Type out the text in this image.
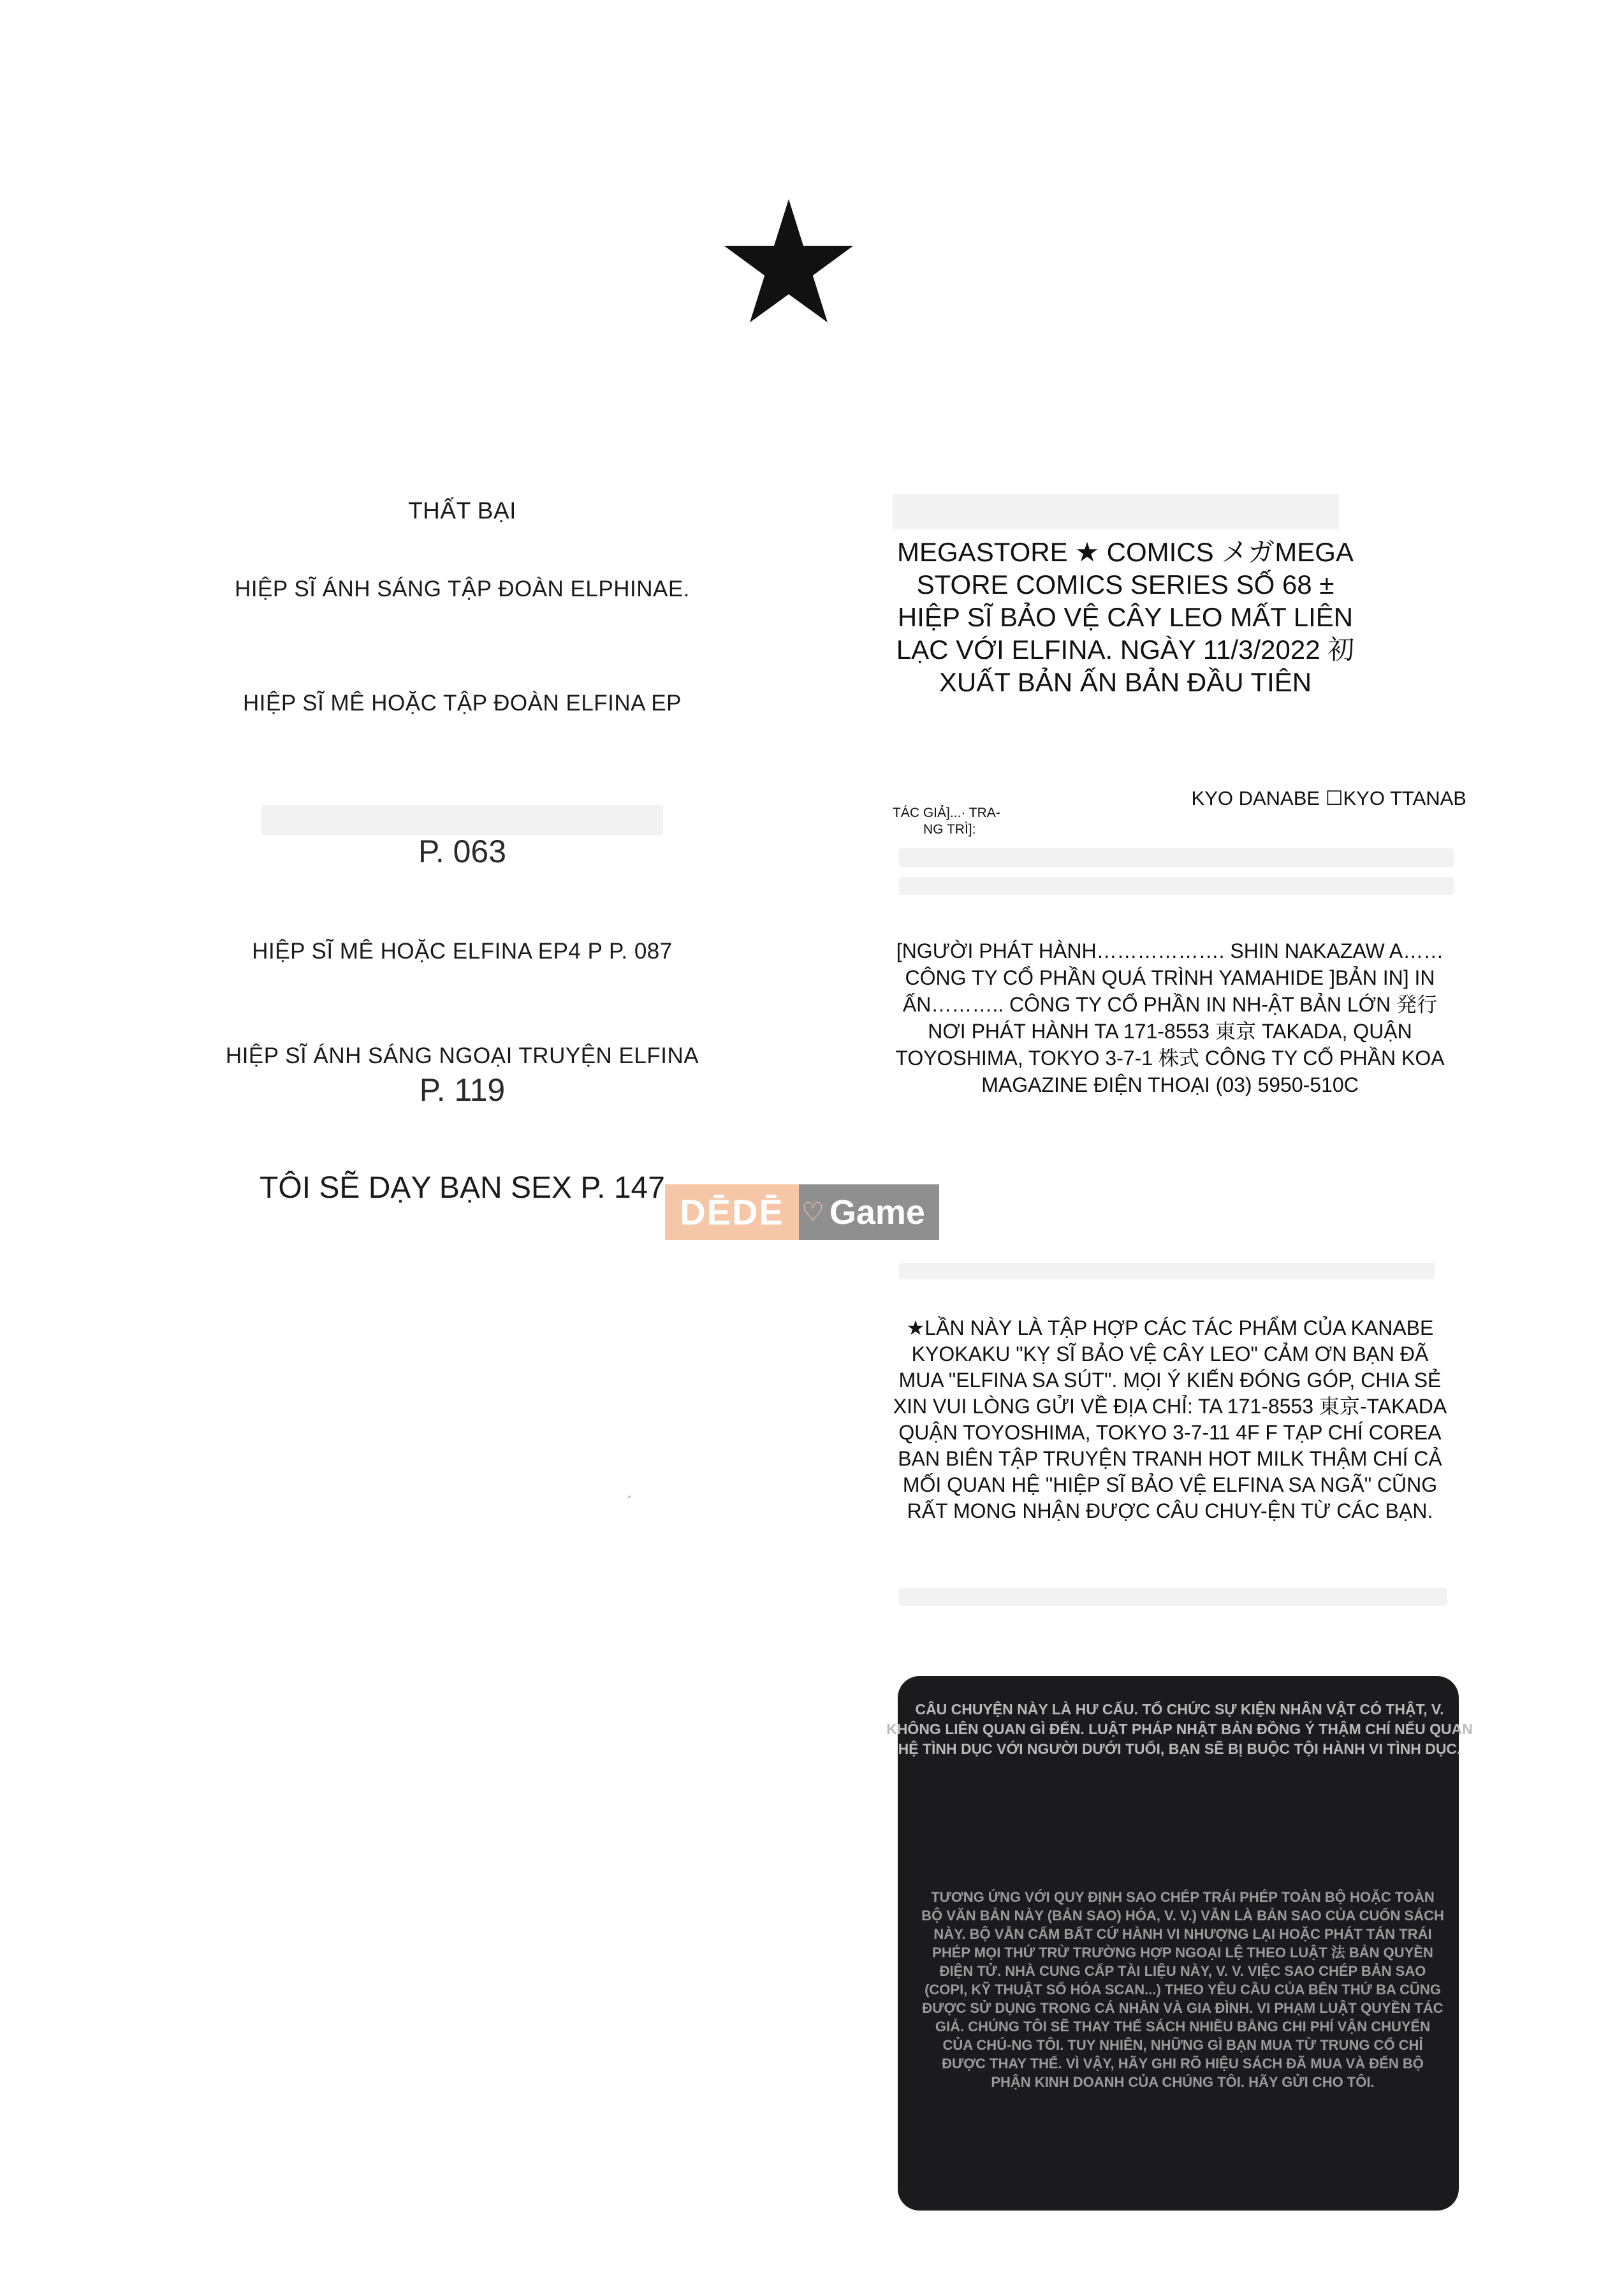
THẤT BẠI
HIỆP SĨ ÁNH SÁNG TẬP ĐOÀN ELPHINAE.
HIỆP SĨ MÊ HOẶC TẬP ĐOÀN ELFINA EP
P. 063
HIỆP SĨ MÊ HOẶC ELFINA EP4 P P. 087
HIỆP SĨ ÁNH SÁNG NGOẠI TRUYỆN ELFINA
P. 119
TÔI SẼ DẠY BẠN SEX P. 147
MEGASTORE ★ COMICS メガMEGA STORE COMICS SERIES SỐ 68 ± HIỆP SĨ BẢO VỆ CÂY LEO MẤT LIÊN LẠC VỚI ELFINA. NGÀY 11/3/2022 初 XUẤT BẢN ẤN BẢN ĐẦU TIÊN
TÁC GIẢ]...· TRA-
NG TRÌ]:
KYO DANABE ☐KYO TTANAB
[NGƯỜI PHÁT HÀNH………………. SHIN NAKAZAW A…… CÔNG TY CỔ PHẦN QUÁ TRÌNH YAMAHIDE ]BẢN IN] IN ẤN……….. CÔNG TY CỔ PHẦN IN NH-ẬT BẢN LỚN 発行 NƠI PHÁT HÀNH TA 171-8553 東京 TAKADA, QUẬN TOYOSHIMA, TOKYO 3-7-1 株式 CÔNG TY CỔ PHẦN KOA MAGAZINE ĐIỆN THOẠI (03) 5950-510C
★LẦN NÀY LÀ TẬP HỢP CÁC TÁC PHẨM CỦA KANABE KYOKAKU "KỴ SĨ BẢO VỆ CÂY LEO" CẢM ƠN BẠN ĐÃ MUA "ELFINA SA SÚT". MỌI Ý KIẾN ĐÓNG GÓP, CHIA SẺ XIN VUI LÒNG GỬI VỀ ĐỊA CHỈ: TA 171-8553 東京-TAKADA QUẬN TOYOSHIMA, TOKYO 3-7-11 4F F TẠP CHÍ COREA BAN BIÊN TẬP TRUYỆN TRANH HOT MILK THẬM CHÍ CẢ MỐI QUAN HỆ "HIỆP SĨ BẢO VỆ ELFINA SA NGÃ" CŨNG RẤT MONG NHẬN ĐƯỢC CÂU CHUY-ỆN TỪ CÁC BẠN.
DĒDĒ ♡ Game
CÂU CHUYỆN NÀY LÀ HƯ CẤU. TỔ CHỨC SỰ KIỆN NHÂN VẬT CÓ THẬT, V. KHÔNG LIÊN QUAN GÌ ĐẾN. LUẬT PHÁP NHẬT BẢN ĐỒNG Ý THẬM CHÍ NẾU QUAN HỆ TÌNH DỤC VỚI NGƯỜI DƯỚI TUỔI, BẠN SẼ BỊ BUỘC TỘI HÀNH VI TÌNH DỤC.
TƯƠNG ỨNG VỚI QUY ĐỊNH SAO CHÉP TRÁI PHÉP TOÀN BỘ HOẶC TOÀN BỘ VĂN BẢN NÀY (BẢN SAO) HÓA, V. V.) VẪN LÀ BẢN SAO CỦA CUỐN SÁCH NÀY. BỘ VẪN CẤM BẤT CỨ HÀNH VI NHƯỢNG LẠI HOẶC PHÁT TÁN TRÁI PHÉP MỌI THỨ TRỪ TRƯỜNG HỢP NGOẠI LỆ THEO LUẬT 法 BẢN QUYỀN ĐIỆN TỬ. NHÀ CUNG CẤP TÀI LIỆU NÀY, V. V. VIỆC SAO CHÉP BẢN SAO (COPI, KỸ THUẬT SỐ HÓA SCAN...) THEO YÊU CẦU CỦA BÊN THỨ BA CŨNG ĐƯỢC SỬ DỤNG TRONG CÁ NHÂN VÀ GIA ĐÌNH. VI PHẠM LUẬT QUYỀN TÁC GIẢ. CHÚNG TÔI SẼ THAY THẾ SÁCH NHIỀU BẰNG CHI PHÍ VẬN CHUYỂN CỦA CHÚ-NG TÔI. TUY NHIÊN, NHỮNG GÌ BẠN MUA TỪ TRUNG CỔ CHỈ ĐƯỢC THAY THẾ. VÌ VẬY, HÃY GHI RÕ HIỆU SÁCH ĐÃ MUA VÀ ĐẾN BỘ PHẬN KINH DOANH CỦA CHÚNG TÔI. HÃY GỬI CHO TÔI.
